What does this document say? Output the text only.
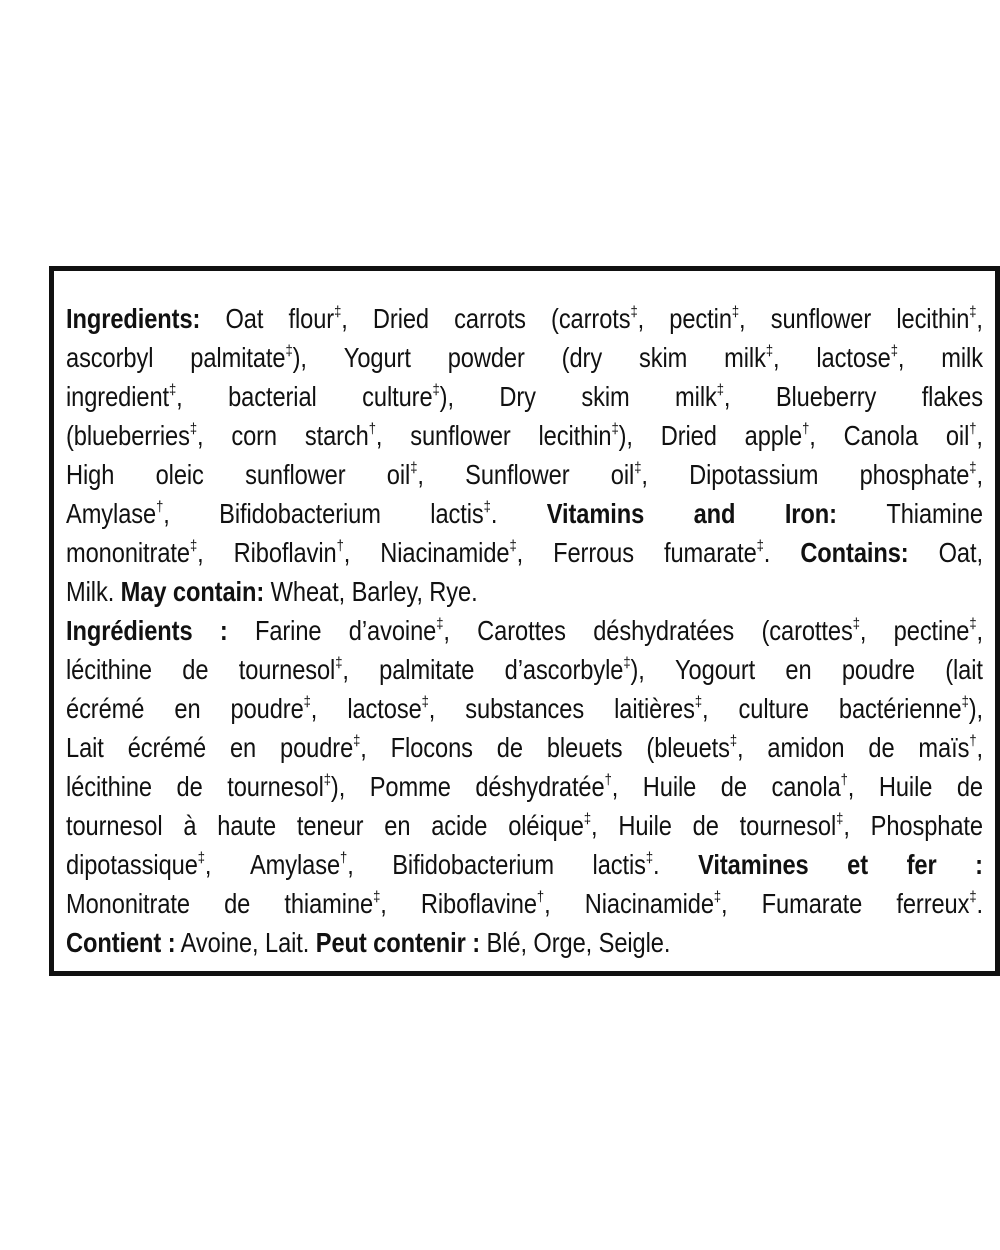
Ingredients: Oat flour‡, Dried carrots (carrots‡, pectin‡, sunflower lecithin‡,
ascorbyl palmitate‡), Yogurt powder (dry skim milk‡, lactose‡, milk
ingredient‡, bacterial culture‡), Dry skim milk‡, Blueberry flakes
(blueberries‡, corn starch†, sunflower lecithin‡), Dried apple†, Canola oil†,
High oleic sunflower oil‡, Sunflower oil‡, Dipotassium phosphate‡,
Amylase†, Bifidobacterium lactis‡. Vitamins and Iron: Thiamine
mononitrate‡, Riboflavin†, Niacinamide‡, Ferrous fumarate‡. Contains: Oat,
Milk. May contain: Wheat, Barley, Rye.
Ingrédients : Farine d’avoine‡, Carottes déshydratées (carottes‡, pectine‡,
lécithine de tournesol‡, palmitate d’ascorbyle‡), Yogourt en poudre (lait
écrémé en poudre‡, lactose‡, substances laitières‡, culture bactérienne‡),
Lait écrémé en poudre‡, Flocons de bleuets (bleuets‡, amidon de maïs†,
lécithine de tournesol‡), Pomme déshydratée†, Huile de canola†, Huile de
tournesol à haute teneur en acide oléique‡, Huile de tournesol‡, Phosphate
dipotassique‡, Amylase†, Bifidobacterium lactis‡. Vitamines et fer :
Mononitrate de thiamine‡, Riboflavine†, Niacinamide‡, Fumarate ferreux‡.
Contient : Avoine, Lait. Peut contenir : Blé, Orge, Seigle.
